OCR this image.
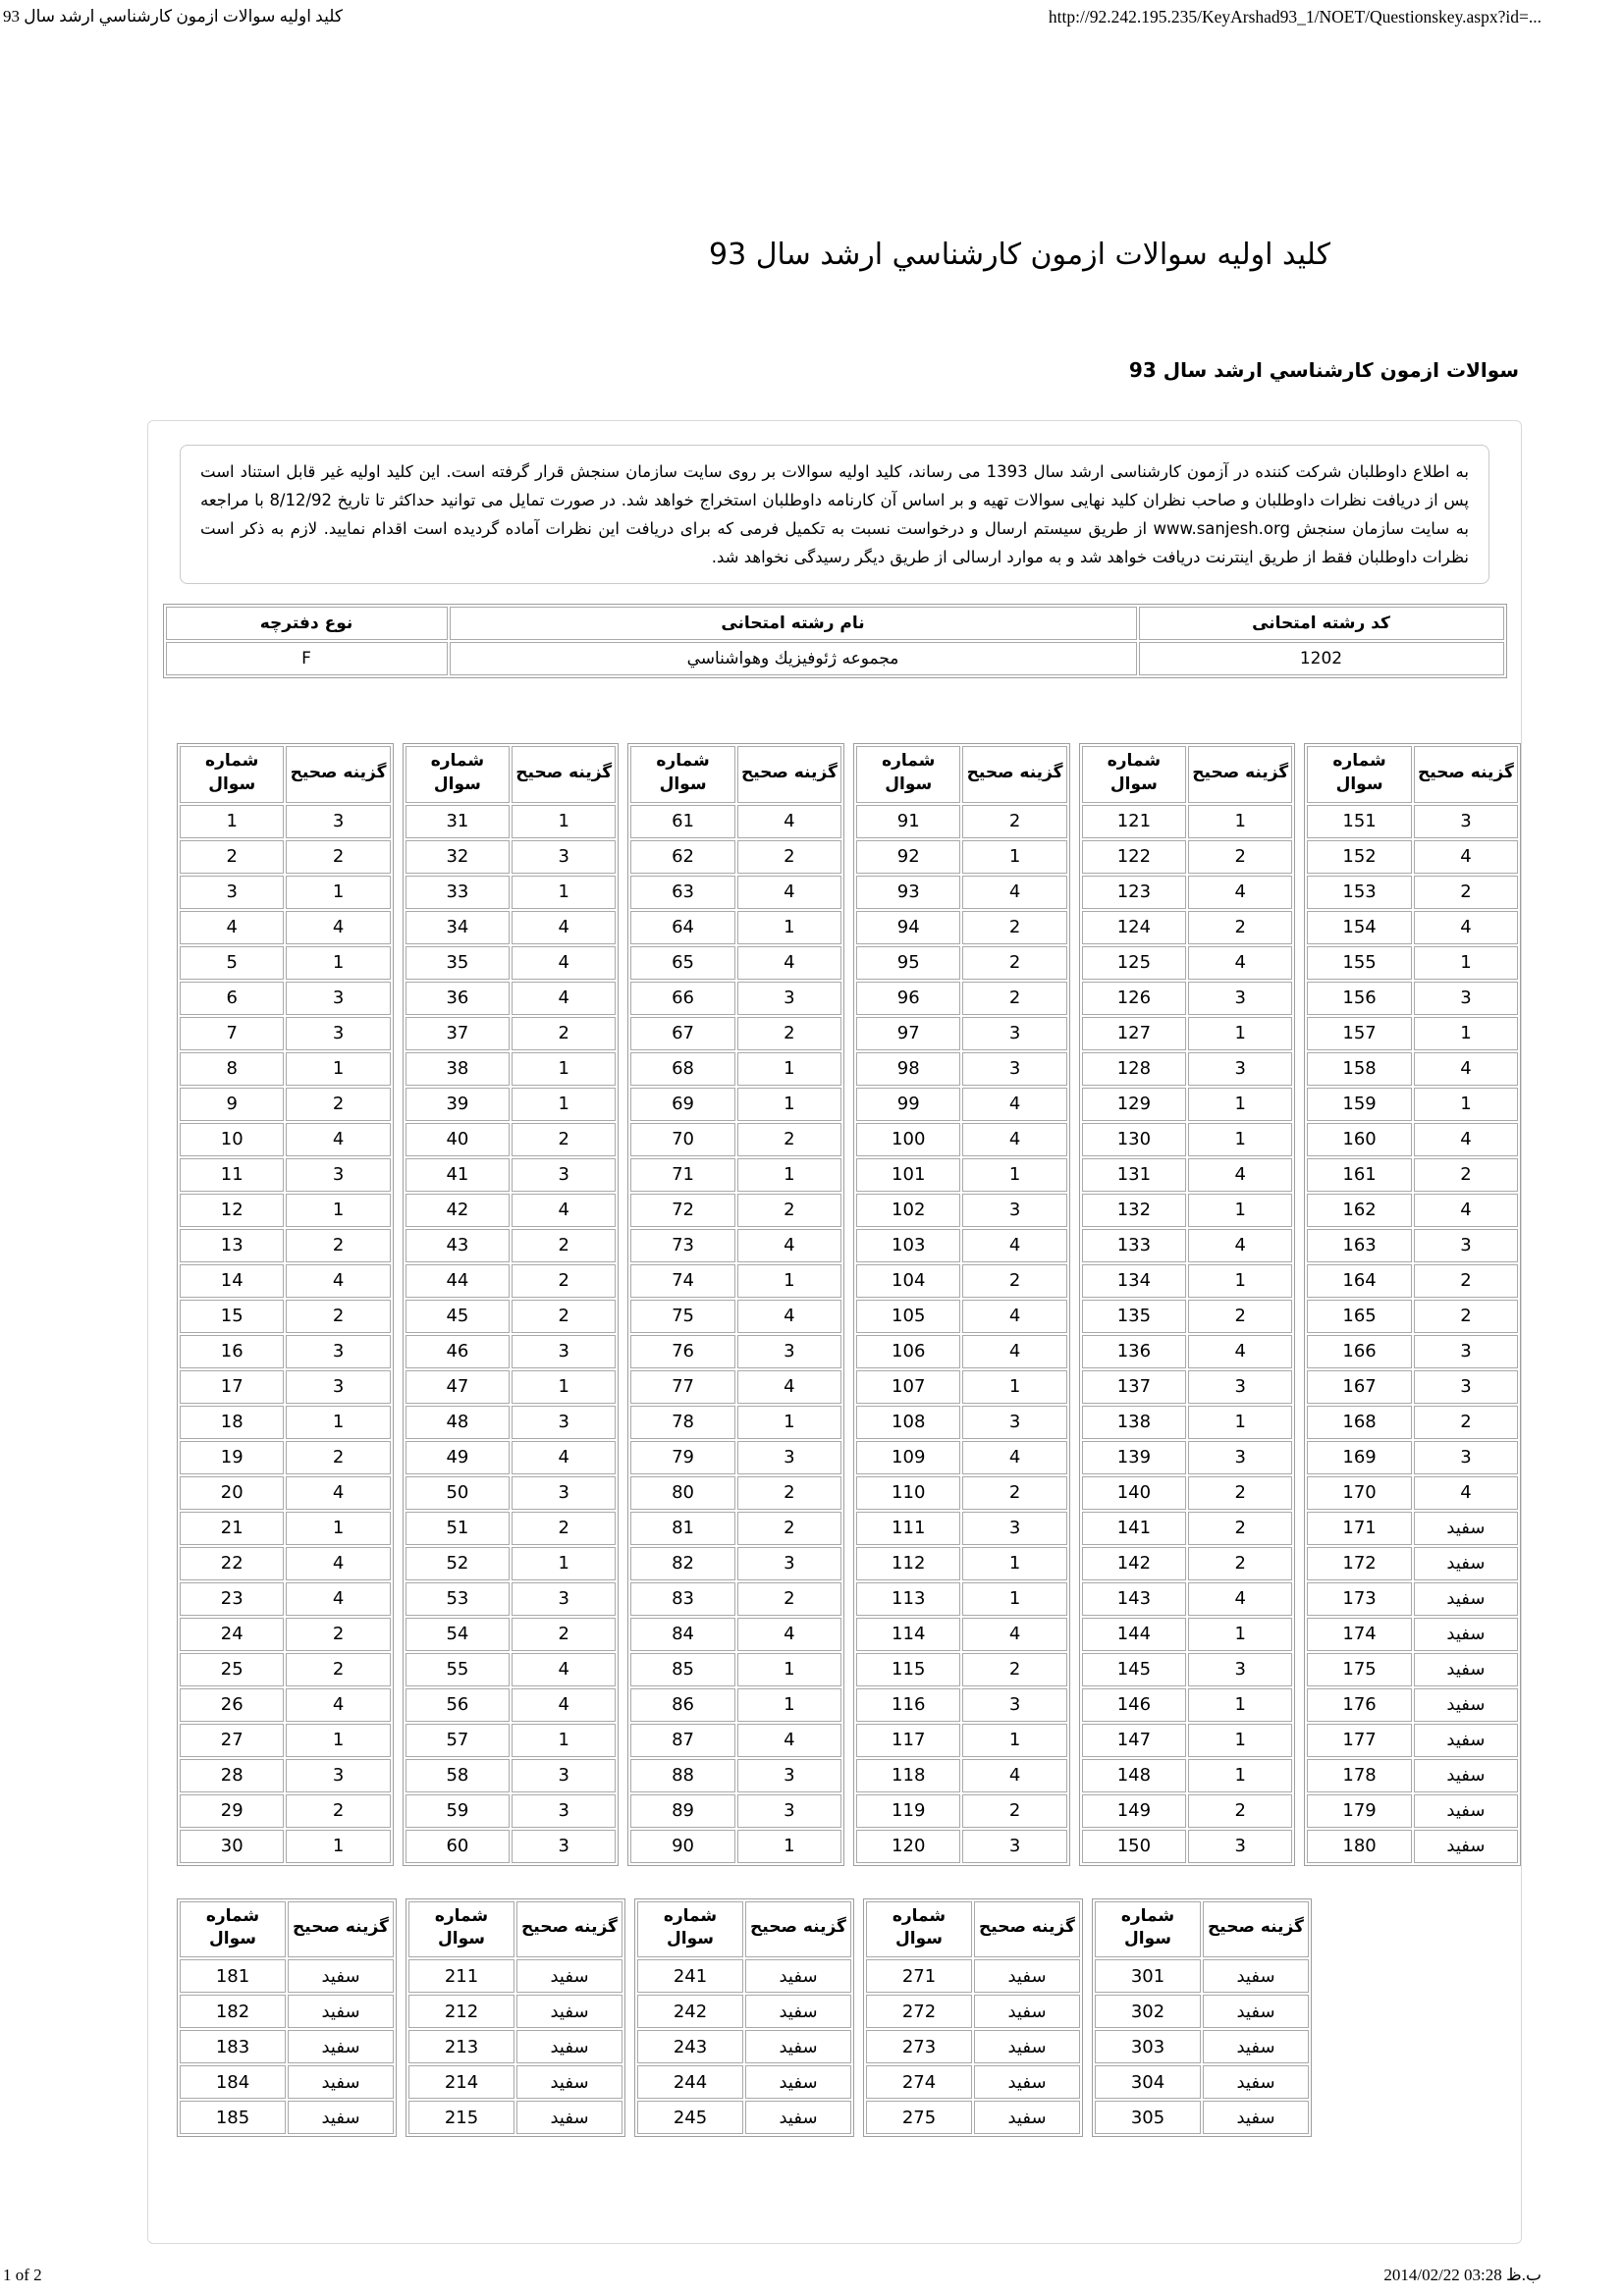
کلید اولیه سوالات ازمون کارشناسي ارشد سال 93	http://92.242.195.235/KeyArshad93_1/NOET/Questionskey.aspx?id=...
کلید اولیه سوالات ازمون کارشناسي ارشد سال 93
سوالات ازمون کارشناسي ارشد سال 93
به اطلاع داوطلبان شرکت کننده در آزمون کارشناسی ارشد سال 1393 می رساند، کلید اولیه سوالات بر روی سایت سازمان سنجش قرار گرفته است. این کلید اولیه غیر قابل استناد است پس از دریافت نظرات داوطلبان و صاحب نظران کلید نهایی سوالات تهیه و بر اساس آن کارنامه داوطلبان استخراج خواهد شد. در صورت تمایل می توانید حداکثر تا تاریخ 8/12/92 با مراجعه به سایت سازمان سنجش www.sanjesh.org از طریق سیستم ارسال و درخواست نسبت به تکمیل فرمی که برای دریافت این نظرات آماده گردیده است اقدام نمایید. لازم به ذکر است نظرات داوطلبان فقط از طریق اینترنت دریافت خواهد شد و به موارد ارسالی از طریق دیگر رسیدگی نخواهد شد.
کد رشته امتحانی	نام رشته امتحانی	نوع دفترچه
1202	مجموعه ژئوفيزيك وهواشناسي	F
شماره سوال	گزينه صحيح
1	3
2	2
3	1
4	4
5	1
6	3
7	3
8	1
9	2
10	4
11	3
12	1
13	2
14	4
15	2
16	3
17	3
18	1
19	2
20	4
21	1
22	4
23	4
24	2
25	2
26	4
27	1
28	3
29	2
30	1
شماره سوال	گزينه صحيح
31	1
32	3
33	1
34	4
35	4
36	4
37	2
38	1
39	1
40	2
41	3
42	4
43	2
44	2
45	2
46	3
47	1
48	3
49	4
50	3
51	2
52	1
53	3
54	2
55	4
56	4
57	1
58	3
59	3
60	3
شماره سوال	گزينه صحيح
61	4
62	2
63	4
64	1
65	4
66	3
67	2
68	1
69	1
70	2
71	1
72	2
73	4
74	1
75	4
76	3
77	4
78	1
79	3
80	2
81	2
82	3
83	2
84	4
85	1
86	1
87	4
88	3
89	3
90	1
شماره سوال	گزينه صحيح
91	2
92	1
93	4
94	2
95	2
96	2
97	3
98	3
99	4
100	4
101	1
102	3
103	4
104	2
105	4
106	4
107	1
108	3
109	4
110	2
111	3
112	1
113	1
114	4
115	2
116	3
117	1
118	4
119	2
120	3
شماره سوال	گزينه صحيح
121	1
122	2
123	4
124	2
125	4
126	3
127	1
128	3
129	1
130	1
131	4
132	1
133	4
134	1
135	2
136	4
137	3
138	1
139	3
140	2
141	2
142	2
143	4
144	1
145	3
146	1
147	1
148	1
149	2
150	3
شماره سوال	گزينه صحيح
151	3
152	4
153	2
154	4
155	1
156	3
157	1
158	4
159	1
160	4
161	2
162	4
163	3
164	2
165	2
166	3
167	3
168	2
169	3
170	4
171	سفيد
172	سفيد
173	سفيد
174	سفيد
175	سفيد
176	سفيد
177	سفيد
178	سفيد
179	سفيد
180	سفيد
شماره سوال	گزينه صحيح
181	سفيد
182	سفيد
183	سفيد
184	سفيد
185	سفيد
شماره سوال	گزينه صحيح
211	سفيد
212	سفيد
213	سفيد
214	سفيد
215	سفيد
شماره سوال	گزينه صحيح
241	سفيد
242	سفيد
243	سفيد
244	سفيد
245	سفيد
شماره سوال	گزينه صحيح
271	سفيد
272	سفيد
273	سفيد
274	سفيد
275	سفيد
شماره سوال	گزينه صحيح
301	سفيد
302	سفيد
303	سفيد
304	سفيد
305	سفيد
1 of 2	2014/02/22 03:28 ب.ظ
